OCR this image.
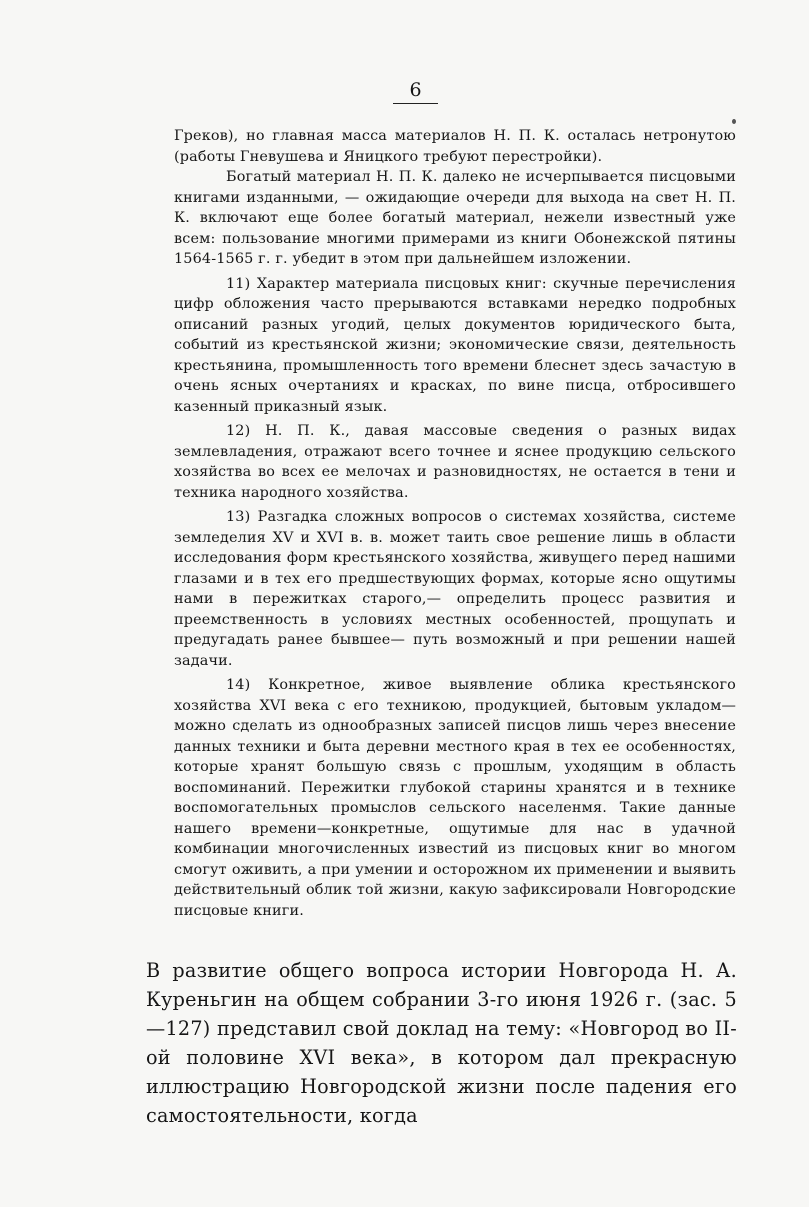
6

Греков), но главная масса материалов Н. П. К. осталась нетронутою (работы Гневушева и Яницкого требуют перестройки).

Богатый материал Н. П. К. далеко не исчерпывается писцовыми книгами изданными, — ожидающие очереди для выхода на свет Н. П. К. включают еще более богатый материал, нежели известный уже всем: пользование многими примерами из книги Обонежской пятины 1564-1565 г. г. убедит в этом при дальнейшем изложении.

11) Характер материала писцовых книг: скучные перечисления цифр обложения часто прерываются вставками нередко подробных описаний разных угодий, целых документов юридического быта, событий из крестьянской жизни; экономические связи, деятельность крестьянина, промышленность того времени блеснет здесь зачастую в очень ясных очертаниях и красках, по вине писца, отбросившего казенный приказный язык.

12) Н. П. К., давая массовые сведения о разных видах землевладения, отражают всего точнее и яснее продукцию сельского хозяйства во всех ее мелочах и разновидностях, не остается в тени и техника народного хозяйства.

13) Разгадка сложных вопросов о системах хозяйства, системе земледелия XV и XVI в. в. может таить свое решение лишь в области исследования форм крестьянского хозяйства, живущего перед нашими глазами и в тех его предшествующих формах, которые ясно ощутимы нами в пережитках старого,— определить процесс развития и преемственность в условиях местных особенностей, прощупать и предугадать ранее бывшее— путь возможный и при решении нашей задачи.

14) Конкретное, живое выявление облика крестьянского хозяйства XVI века с его техникою, продукцией, бытовым укладом—можно сделать из однообразных записей писцов лишь через внесение данных техники и быта деревни местного края в тех ее особенностях, которые хранят большую связь с прошлым, уходящим в область воспоминаний. Пережитки глубокой старины хранятся и в технике воспомогательных промыслов сельского населенмя. Такие данные нашего времени—конкретные, ощутимые для нас в удачной комбинации многочисленных известий из писцовых книг во многом смогут оживить, а при умении и осторожном их применении и выявить действительный облик той жизни, какую зафиксировали Новгородские писцовые книги.

В развитие общего вопроса истории Новгорода Н. А. Куреньгин на общем собрании 3-го июня 1926 г. (зас. 5—127) представил свой доклад на тему: «Новгород во II-ой половине XVI века», в котором дал прекрасную иллюстрацию Новгородской жизни после падения его самостоятельности, когда
